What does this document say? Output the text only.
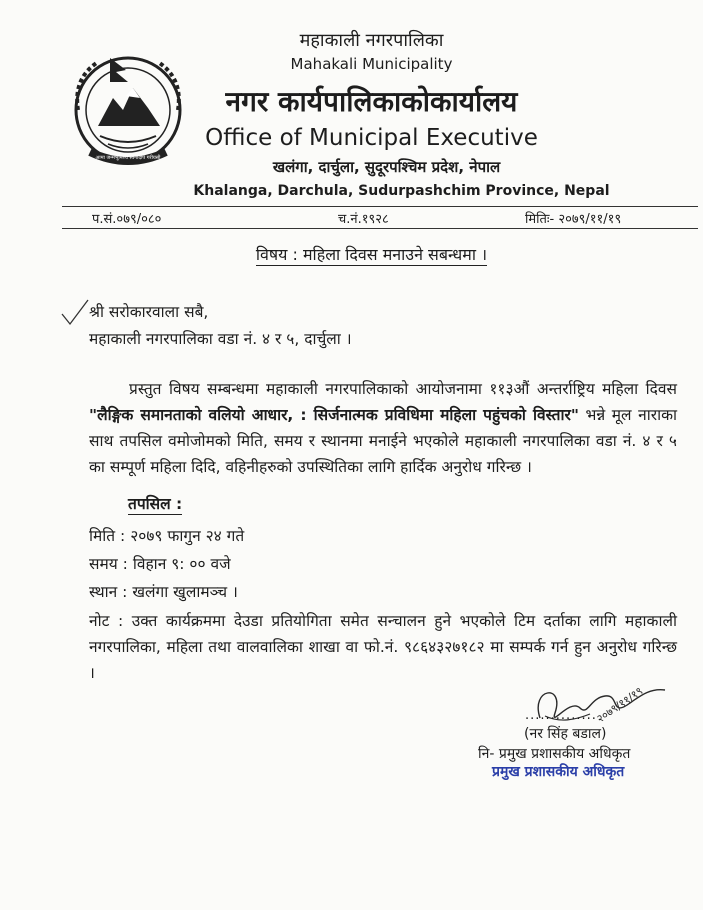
आमा जन्मभूमिश्च स्वर्गादपि गरीयसी
महाकाली नगरपालिका
Mahakali Municipality
नगर कार्यपालिकाकोकार्यालय
Office of Municipal Executive
खलंगा, दार्चुला, सुदूरपश्चिम प्रदेश, नेपाल
Khalanga, Darchula, Sudurpashchim Province, Nepal
प.सं.०७९/०८०	च.नं.१९२८	मितिः- २०७९/११/१९
विषय : महिला दिवस मनाउने सबन्धमा ।
श्री सरोकारवाला सबै,
महाकाली नगरपालिका वडा नं. ४ र ५, दार्चुला ।
प्रस्तुत विषय सम्बन्धमा महाकाली नगरपालिकाको आयोजनामा ११३औं अन्तर्राष्ट्रिय महिला दिवस "लैङ्गिक समानताको वलियो आधार, : सिर्जनात्मक प्रविधिमा महिला पहुंचको विस्तार" भन्ने मूल नाराका साथ तपसिल वमोजोमको मिति, समय र स्थानमा मनाईने भएकोले महाकाली नगरपालिका वडा नं. ४ र ५ का सम्पूर्ण महिला दिदि, वहिनीहरुको उपस्थितिका लागि हार्दिक अनुरोध गरिन्छ ।
तपसिल :
मिति : २०७९ फागुन २४ गते
समय : विहान ९: ०० वजे
स्थान : खलंगा खुलामञ्च ।
नोट : उक्त कार्यक्रममा देउडा प्रतियोगिता समेत सन्चालन हुने भएकोले टिम दर्ताका लागि महाकाली नगरपालिका, महिला तथा वालवालिका शाखा वा फो.नं. ९८६४३२७१८२ मा सम्पर्क गर्न हुन अनुरोध गरिन्छ ।
२०७९/११/१९
..............
(नर सिंह बडाल)
नि- प्रमुख प्रशासकीय अधिकृत
प्रमुख प्रशासकीय अधिकृत
